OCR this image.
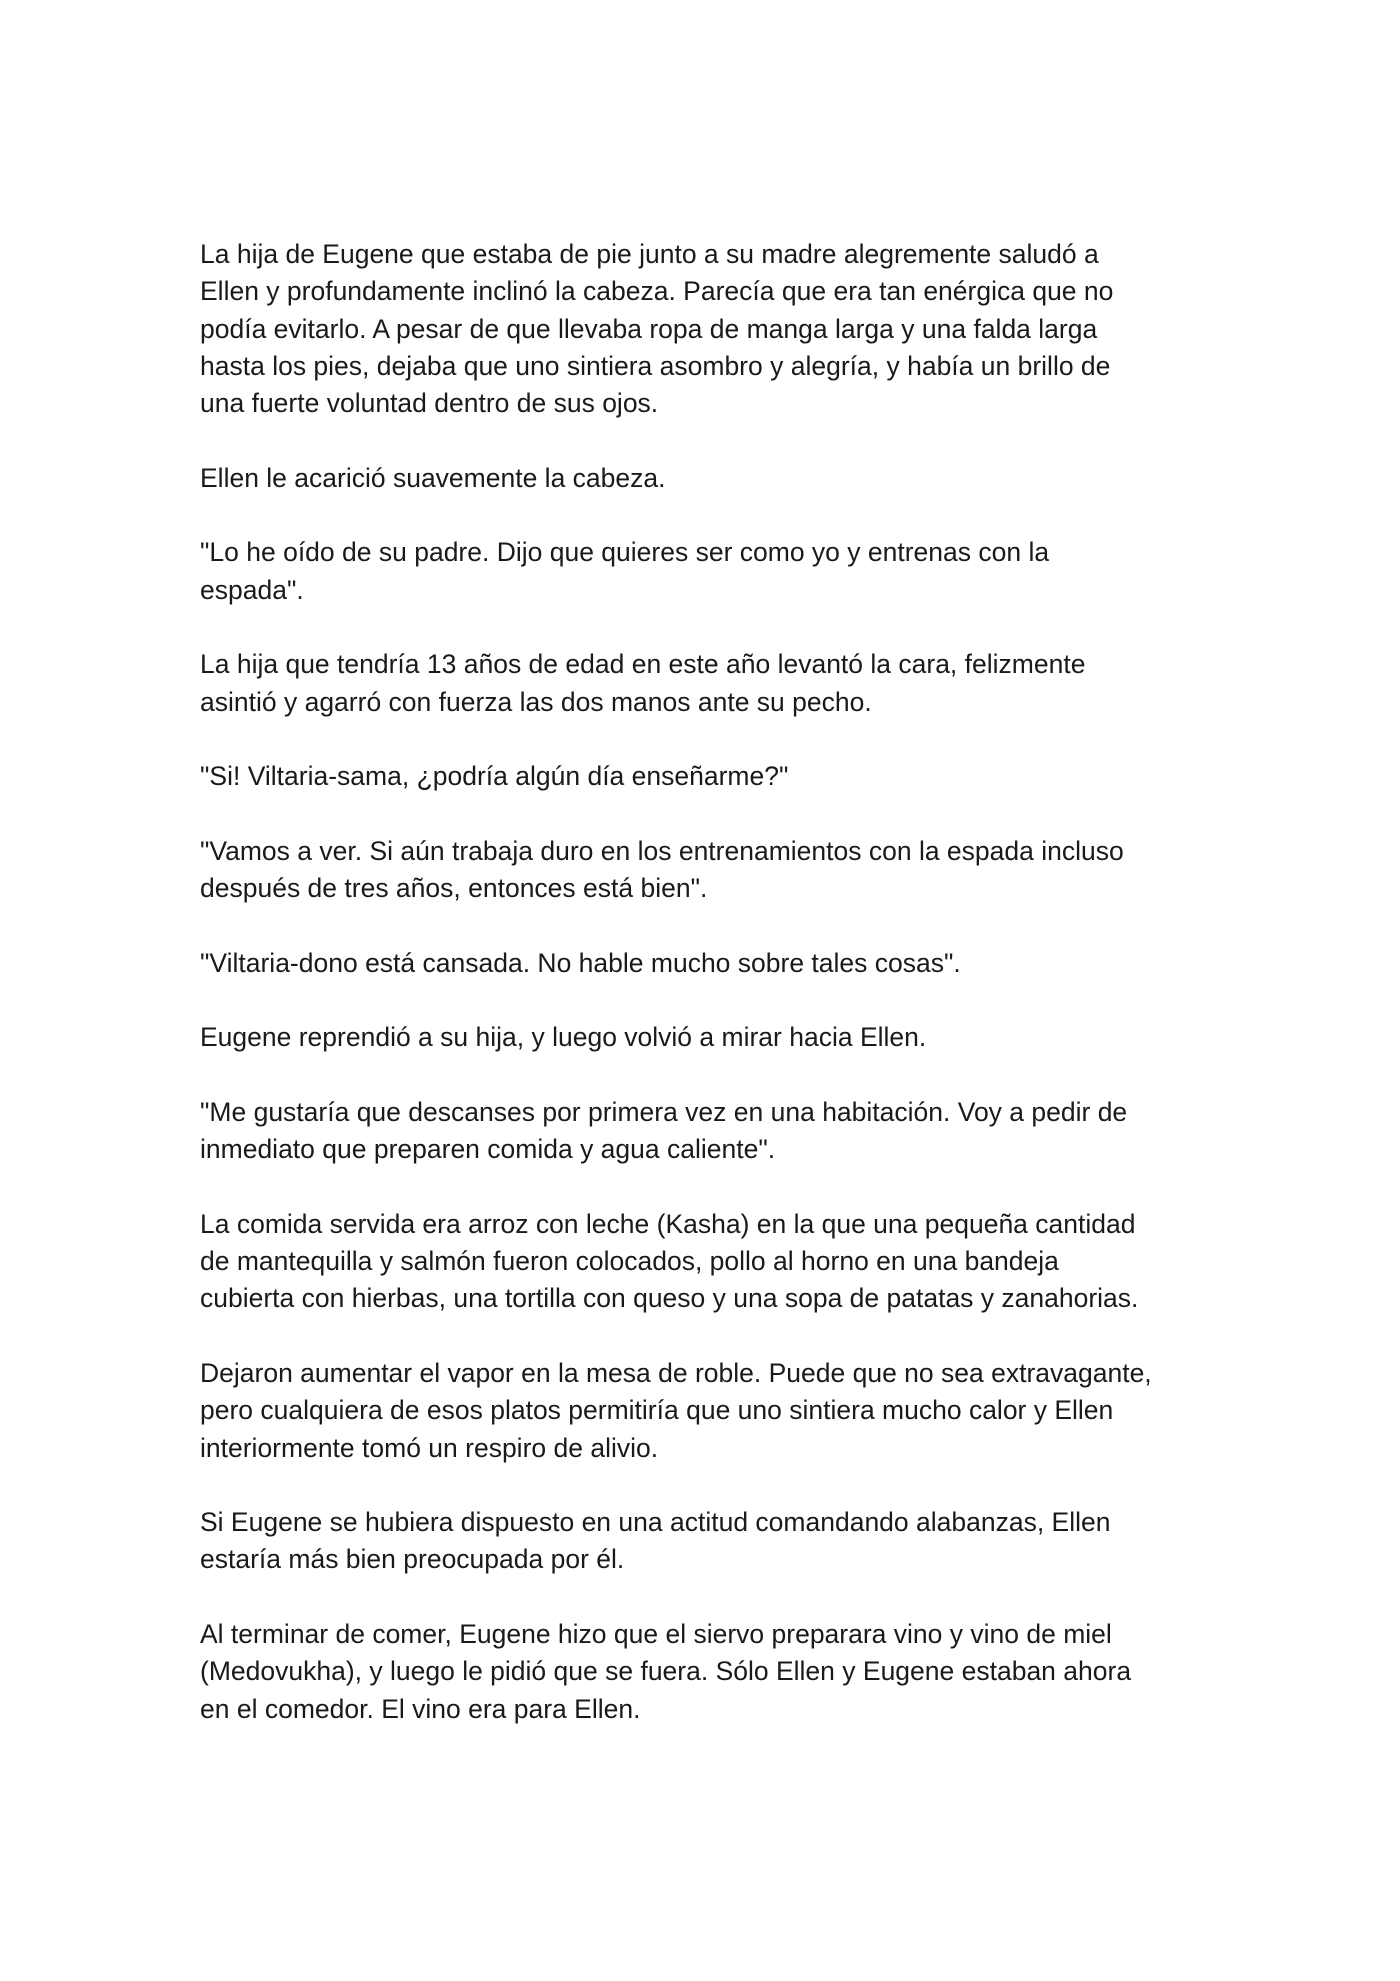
La hija de Eugene que estaba de pie junto a su madre alegremente saludó a
Ellen y profundamente inclinó la cabeza. Parecía que era tan enérgica que no
podía evitarlo. A pesar de que llevaba ropa de manga larga y una falda larga
hasta los pies, dejaba que uno sintiera asombro y alegría, y había un brillo de
una fuerte voluntad dentro de sus ojos.

Ellen le acarició suavemente la cabeza.

"Lo he oído de su padre. Dijo que quieres ser como yo y entrenas con la
espada".

La hija que tendría 13 años de edad en este año levantó la cara, felizmente
asintió y agarró con fuerza las dos manos ante su pecho.

"Si! Viltaria-sama, ¿podría algún día enseñarme?"

"Vamos a ver. Si aún trabaja duro en los entrenamientos con la espada incluso
después de tres años, entonces está bien".

"Viltaria-dono está cansada. No hable mucho sobre tales cosas".

Eugene reprendió a su hija, y luego volvió a mirar hacia Ellen.

"Me gustaría que descanses por primera vez en una habitación. Voy a pedir de
inmediato que preparen comida y agua caliente".

La comida servida era arroz con leche (Kasha) en la que una pequeña cantidad
de mantequilla y salmón fueron colocados, pollo al horno en una bandeja
cubierta con hierbas, una tortilla con queso y una sopa de patatas y zanahorias.

Dejaron aumentar el vapor en la mesa de roble. Puede que no sea extravagante,
pero cualquiera de esos platos permitiría que uno sintiera mucho calor y Ellen
interiormente tomó un respiro de alivio.

Si Eugene se hubiera dispuesto en una actitud comandando alabanzas, Ellen
estaría más bien preocupada por él.

Al terminar de comer, Eugene hizo que el siervo preparara vino y vino de miel
(Medovukha), y luego le pidió que se fuera. Sólo Ellen y Eugene estaban ahora
en el comedor. El vino era para Ellen.
